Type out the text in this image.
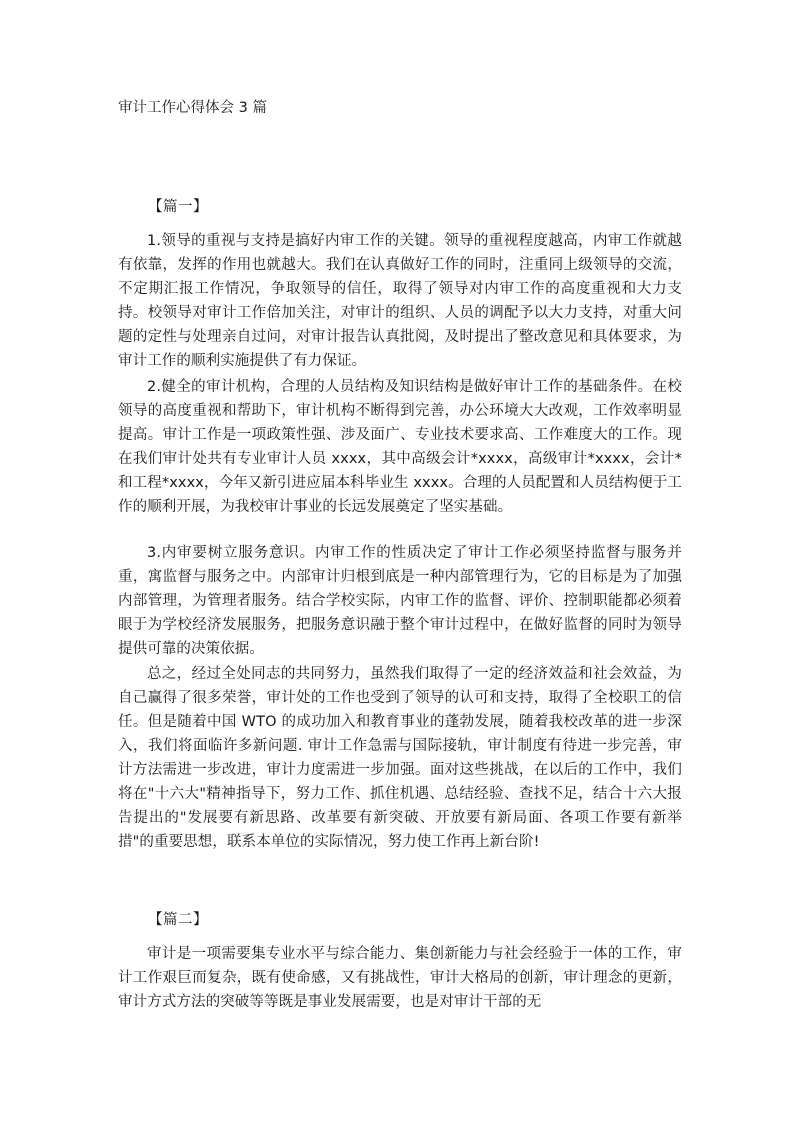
审计工作心得体会 3 篇
【篇一】

1.领导的重视与支持是搞好内审工作的关键。领导的重视程度越高，内审工作就越有依靠，发挥的作用也就越大。我们在认真做好工作的同时，注重同上级领导的交流，不定期汇报工作情况，争取领导的信任，取得了领导对内审工作的高度重视和大力支持。校领导对审计工作倍加关注，对审计的组织、人员的调配予以大力支持，对重大问题的定性与处理亲自过问，对审计报告认真批阅，及时提出了整改意见和具体要求，为审计工作的顺利实施提供了有力保证。

2.健全的审计机构，合理的人员结构及知识结构是做好审计工作的基础条件。在校领导的高度重视和帮助下，审计机构不断得到完善，办公环境大大改观，工作效率明显提高。审计工作是一项政策性强、涉及面广、专业技术要求高、工作难度大的工作。现在我们审计处共有专业审计人员 xxxx，其中高级会计*xxxx，高级审计*xxxx，会计*和工程*xxxx，今年又新引进应届本科毕业生 xxxx。合理的人员配置和人员结构便于工作的顺利开展，为我校审计事业的长远发展奠定了坚实基础。

3.内审要树立服务意识。内审工作的性质决定了审计工作必须坚持监督与服务并重，寓监督与服务之中。内部审计归根到底是一种内部管理行为，它的目标是为了加强内部管理，为管理者服务。结合学校实际，内审工作的监督、评价、控制职能都必须着眼于为学校经济发展服务，把服务意识融于整个审计过程中，在做好监督的同时为领导提供可靠的决策依据。

总之，经过全处同志的共同努力，虽然我们取得了一定的经济效益和社会效益，为自己赢得了很多荣誉，审计处的工作也受到了领导的认可和支持，取得了全校职工的信任。但是随着中国 WTO 的成功加入和教育事业的蓬勃发展，随着我校改革的进一步深入，我们将面临许多新问题. 审计工作急需与国际接轨，审计制度有待进一步完善，审计方法需进一步改进，审计力度需进一步加强。面对这些挑战，在以后的工作中，我们将在"十六大"精神指导下，努力工作、抓住机遇、总结经验、查找不足，结合十六大报告提出的"发展要有新思路、改革要有新突破、开放要有新局面、各项工作要有新举措"的重要思想，联系本单位的实际情况，努力使工作再上新台阶!

【篇二】

审计是一项需要集专业水平与综合能力、集创新能力与社会经验于一体的工作，审计工作艰巨而复杂，既有使命感，又有挑战性，审计大格局的创新，审计理念的更新，审计方式方法的突破等等既是事业发展需要，也是对审计干部的无
